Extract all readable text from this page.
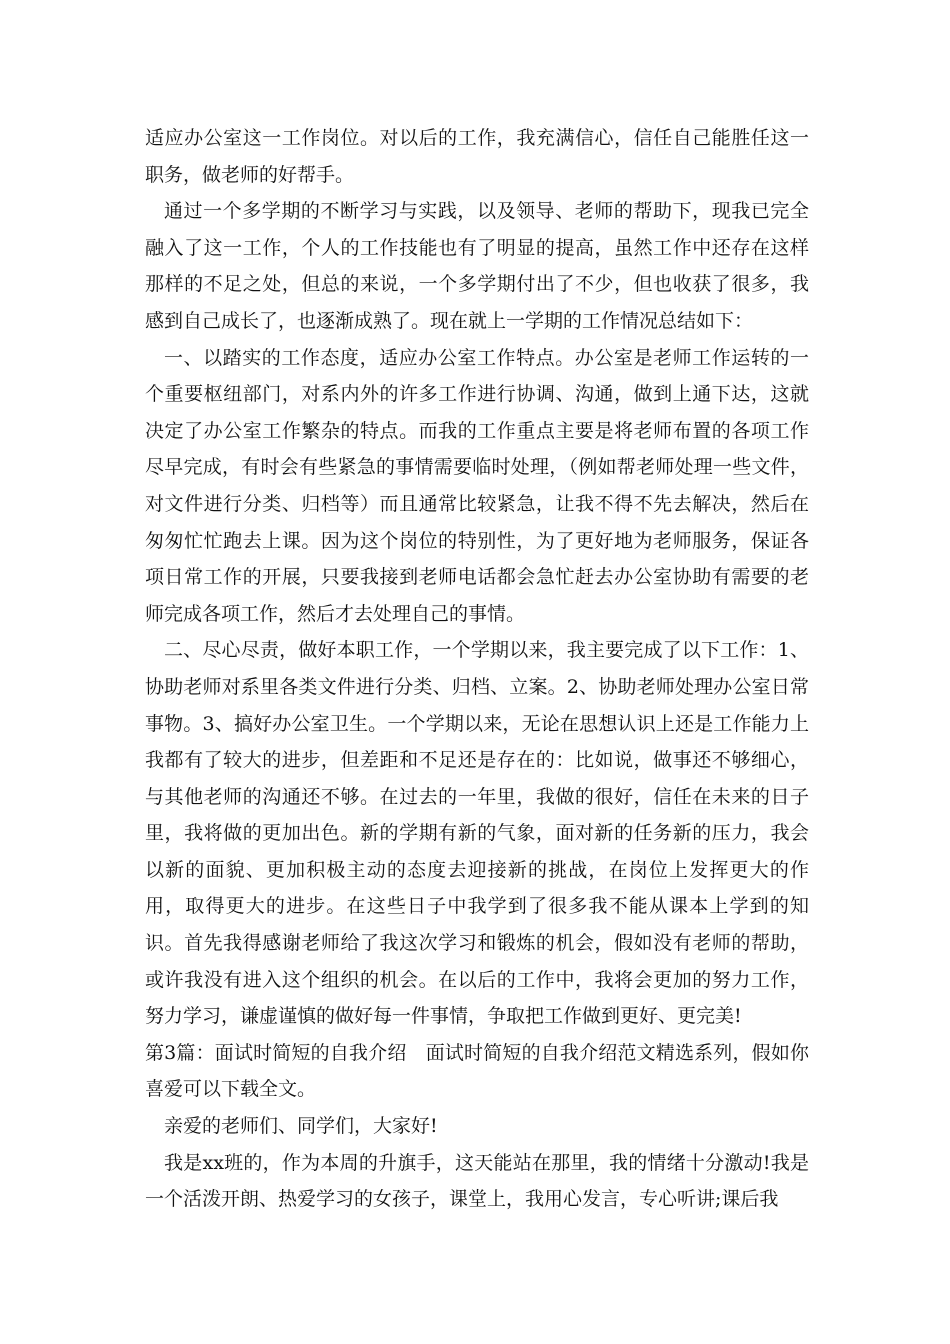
适应办公室这一工作岗位。对以后的工作，我充满信心，信任自己能胜任这一职务，做老师的好帮手。

通过一个多学期的不断学习与实践，以及领导、老师的帮助下，现我已完全融入了这一工作，个人的工作技能也有了明显的提高，虽然工作中还存在这样那样的不足之处，但总的来说，一个多学期付出了不少，但也收获了很多，我感到自己成长了，也逐渐成熟了。现在就上一学期的工作情况总结如下：

一、以踏实的工作态度，适应办公室工作特点。办公室是老师工作运转的一个重要枢纽部门，对系内外的许多工作进行协调、沟通，做到上通下达，这就决定了办公室工作繁杂的特点。而我的工作重点主要是将老师布置的各项工作尽早完成，有时会有些紧急的事情需要临时处理，（例如帮老师处理一些文件，对文件进行分类、归档等）而且通常比较紧急，让我不得不先去解决，然后在匆匆忙忙跑去上课。因为这个岗位的特别性，为了更好地为老师服务，保证各项日常工作的开展，只要我接到老师电话都会急忙赶去办公室协助有需要的老师完成各项工作，然后才去处理自己的事情。

二、尽心尽责，做好本职工作，一个学期以来，我主要完成了以下工作：1、协助老师对系里各类文件进行分类、归档、立案。2、协助老师处理办公室日常事物。3、搞好办公室卫生。一个学期以来，无论在思想认识上还是工作能力上我都有了较大的进步，但差距和不足还是存在的：比如说，做事还不够细心，与其他老师的沟通还不够。在过去的一年里，我做的很好，信任在未来的日子里，我将做的更加出色。新的学期有新的气象，面对新的任务新的压力，我会以新的面貌、更加积极主动的态度去迎接新的挑战，在岗位上发挥更大的作用，取得更大的进步。在这些日子中我学到了很多我不能从课本上学到的知识。首先我得感谢老师给了我这次学习和锻炼的机会，假如没有老师的帮助，或许我没有进入这个组织的机会。在以后的工作中，我将会更加的努力工作，努力学习，谦虚谨慎的做好每一件事情，争取把工作做到更好、更完美!

第3篇：面试时简短的自我介绍　面试时简短的自我介绍范文精选系列，假如你喜爱可以下载全文。

亲爱的老师们、同学们，大家好!

我是xx班的，作为本周的升旗手，这天能站在那里，我的情绪十分激动!我是一个活泼开朗、热爱学习的女孩子，课堂上，我用心发言，专心听讲;课后我
